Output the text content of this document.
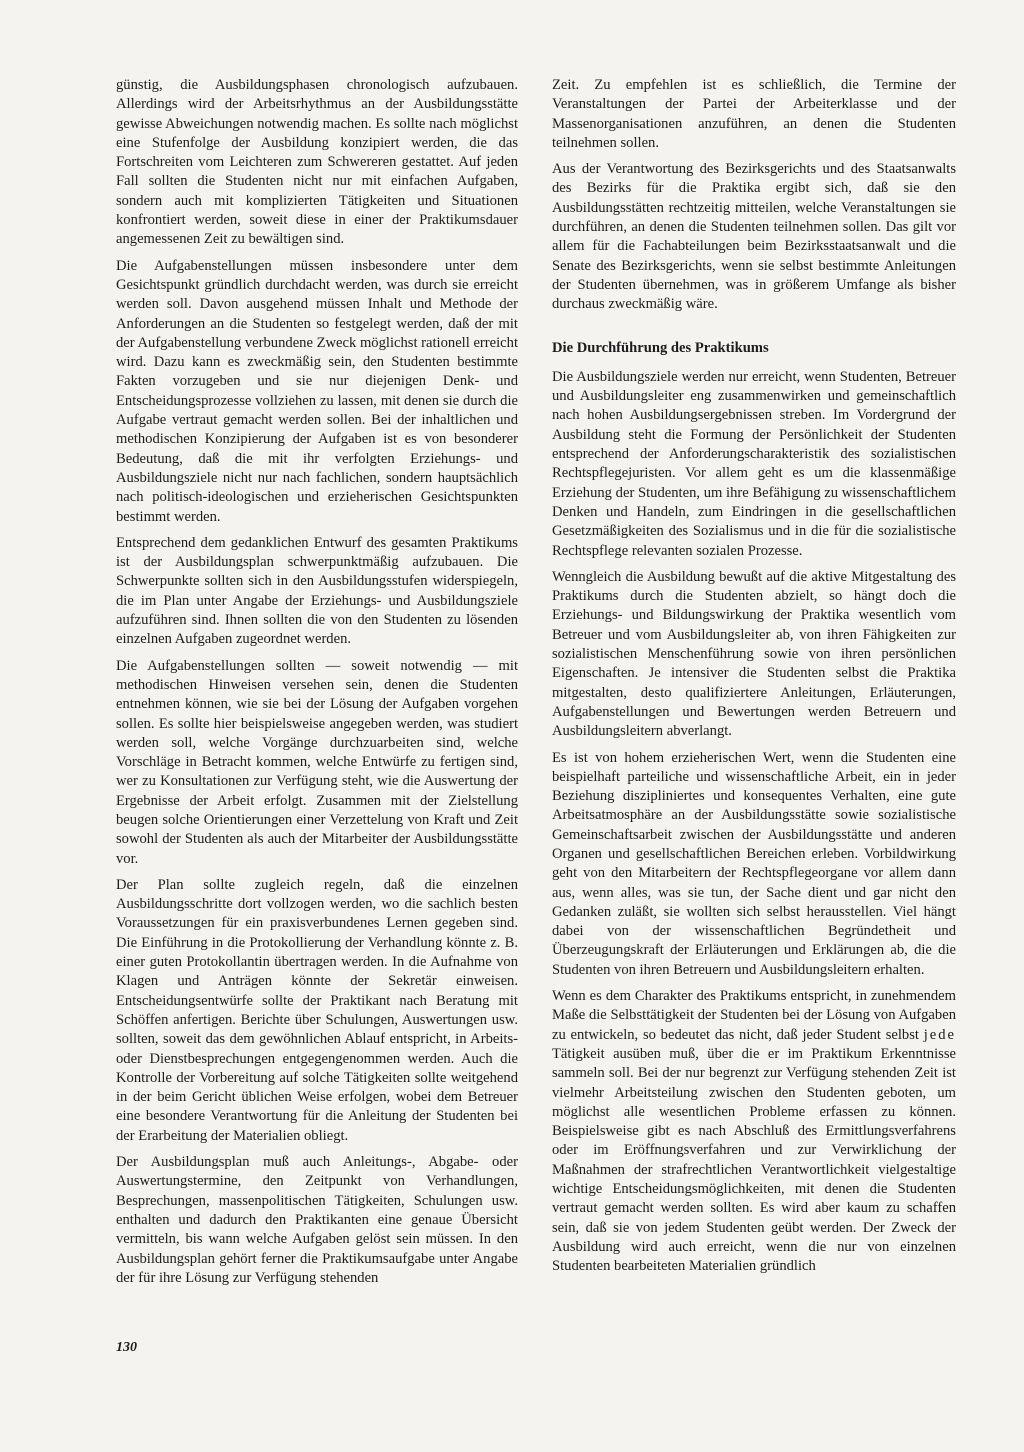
günstig, die Ausbildungsphasen chronologisch aufzubauen. Allerdings wird der Arbeitsrhythmus an der Ausbildungsstätte gewisse Abweichungen notwendig machen. Es sollte nach möglichst eine Stufenfolge der Ausbildung konzipiert werden, die das Fortschreiten vom Leichteren zum Schwereren gestattet. Auf jeden Fall sollten die Studenten nicht nur mit einfachen Aufgaben, sondern auch mit komplizierten Tätigkeiten und Situationen konfrontiert werden, soweit diese in einer der Praktikumsdauer angemessenen Zeit zu bewältigen sind.

Die Aufgabenstellungen müssen insbesondere unter dem Gesichtspunkt gründlich durchdacht werden, was durch sie erreicht werden soll. Davon ausgehend müssen Inhalt und Methode der Anforderungen an die Studenten so festgelegt werden, daß der mit der Aufgabenstellung verbundene Zweck möglichst rationell erreicht wird. Dazu kann es zweckmäßig sein, den Studenten bestimmte Fakten vorzugeben und sie nur diejenigen Denk- und Entscheidungsprozesse vollziehen zu lassen, mit denen sie durch die Aufgabe vertraut gemacht werden sollen. Bei der inhaltlichen und methodischen Konzipierung der Aufgaben ist es von besonderer Bedeutung, daß die mit ihr verfolgten Erziehungs- und Ausbildungsziele nicht nur nach fachlichen, sondern hauptsächlich nach politisch-ideologischen und erzieherischen Gesichtspunkten bestimmt werden.

Entsprechend dem gedanklichen Entwurf des gesamten Praktikums ist der Ausbildungsplan schwerpunktmäßig aufzubauen. Die Schwerpunkte sollten sich in den Ausbildungsstufen widerspiegeln, die im Plan unter Angabe der Erziehungs- und Ausbildungsziele aufzuführen sind. Ihnen sollten die von den Studenten zu lösenden einzelnen Aufgaben zugeordnet werden.

Die Aufgabenstellungen sollten — soweit notwendig — mit methodischen Hinweisen versehen sein, denen die Studenten entnehmen können, wie sie bei der Lösung der Aufgaben vorgehen sollen. Es sollte hier beispielsweise angegeben werden, was studiert werden soll, welche Vorgänge durchzuarbeiten sind, welche Vorschläge in Betracht kommen, welche Entwürfe zu fertigen sind, wer zu Konsultationen zur Verfügung steht, wie die Auswertung der Ergebnisse der Arbeit erfolgt. Zusammen mit der Zielstellung beugen solche Orientierungen einer Verzettelung von Kraft und Zeit sowohl der Studenten als auch der Mitarbeiter der Ausbildungsstätte vor.

Der Plan sollte zugleich regeln, daß die einzelnen Ausbildungsschritte dort vollzogen werden, wo die sachlich besten Voraussetzungen für ein praxisverbundenes Lernen gegeben sind. Die Einführung in die Protokollierung der Verhandlung könnte z. B. einer guten Protokollantin übertragen werden. In die Aufnahme von Klagen und Anträgen könnte der Sekretär einweisen. Entscheidungsentwürfe sollte der Praktikant nach Beratung mit Schöffen anfertigen. Berichte über Schulungen, Auswertungen usw. sollten, soweit das dem gewöhnlichen Ablauf entspricht, in Arbeits- oder Dienstbesprechungen entgegengenommen werden. Auch die Kontrolle der Vorbereitung auf solche Tätigkeiten sollte weitgehend in der beim Gericht üblichen Weise erfolgen, wobei dem Betreuer eine besondere Verantwortung für die Anleitung der Studenten bei der Erarbeitung der Materialien obliegt.

Der Ausbildungsplan muß auch Anleitungs-, Abgabe- oder Auswertungstermine, den Zeitpunkt von Verhandlungen, Besprechungen, massenpolitischen Tätigkeiten, Schulungen usw. enthalten und dadurch den Praktikanten eine genaue Übersicht vermitteln, bis wann welche Aufgaben gelöst sein müssen. In den Ausbildungsplan gehört ferner die Praktikumsaufgabe unter Angabe der für ihre Lösung zur Verfügung stehenden

Zeit. Zu empfehlen ist es schließlich, die Termine der Veranstaltungen der Partei der Arbeiterklasse und der Massenorganisationen anzuführen, an denen die Studenten teilnehmen sollen.

Aus der Verantwortung des Bezirksgerichts und des Staatsanwalts des Bezirks für die Praktika ergibt sich, daß sie den Ausbildungsstätten rechtzeitig mitteilen, welche Veranstaltungen sie durchführen, an denen die Studenten teilnehmen sollen. Das gilt vor allem für die Fachabteilungen beim Bezirksstaatsanwalt und die Senate des Bezirksgerichts, wenn sie selbst bestimmte Anleitungen der Studenten übernehmen, was in größerem Umfange als bisher durchaus zweckmäßig wäre.

Die Durchführung des Praktikums

Die Ausbildungsziele werden nur erreicht, wenn Studenten, Betreuer und Ausbildungsleiter eng zusammenwirken und gemeinschaftlich nach hohen Ausbildungsergebnissen streben. Im Vordergrund der Ausbildung steht die Formung der Persönlichkeit der Studenten entsprechend der Anforderungscharakteristik des sozialistischen Rechtspflegejuristen. Vor allem geht es um die klassenmäßige Erziehung der Studenten, um ihre Befähigung zu wissenschaftlichem Denken und Handeln, zum Eindringen in die gesellschaftlichen Gesetzmäßigkeiten des Sozialismus und in die für die sozialistische Rechtspflege relevanten sozialen Prozesse.

Wenngleich die Ausbildung bewußt auf die aktive Mitgestaltung des Praktikums durch die Studenten abzielt, so hängt doch die Erziehungs- und Bildungswirkung der Praktika wesentlich vom Betreuer und vom Ausbildungsleiter ab, von ihren Fähigkeiten zur sozialistischen Menschenführung sowie von ihren persönlichen Eigenschaften. Je intensiver die Studenten selbst die Praktika mitgestalten, desto qualifiziertere Anleitungen, Erläuterungen, Aufgabenstellungen und Bewertungen werden Betreuern und Ausbildungsleitern abverlangt.

Es ist von hohem erzieherischen Wert, wenn die Studenten eine beispielhaft parteiliche und wissenschaftliche Arbeit, ein in jeder Beziehung diszipliniertes und konsequentes Verhalten, eine gute Arbeitsatmosphäre an der Ausbildungsstätte sowie sozialistische Gemeinschaftsarbeit zwischen der Ausbildungsstätte und anderen Organen und gesellschaftlichen Bereichen erleben. Vorbildwirkung geht von den Mitarbeitern der Rechtspflegeorgane vor allem dann aus, wenn alles, was sie tun, der Sache dient und gar nicht den Gedanken zuläßt, sie wollten sich selbst herausstellen. Viel hängt dabei von der wissenschaftlichen Begründetheit und Überzeugungskraft der Erläuterungen und Erklärungen ab, die die Studenten von ihren Betreuern und Ausbildungsleitern erhalten.

Wenn es dem Charakter des Praktikums entspricht, in zunehmendem Maße die Selbsttätigkeit der Studenten bei der Lösung von Aufgaben zu entwickeln, so bedeutet das nicht, daß jeder Student selbst jede Tätigkeit ausüben muß, über die er im Praktikum Erkenntnisse sammeln soll. Bei der nur begrenzt zur Verfügung stehenden Zeit ist vielmehr Arbeitsteilung zwischen den Studenten geboten, um möglichst alle wesentlichen Probleme erfassen zu können. Beispielsweise gibt es nach Abschluß des Ermittlungsverfahrens oder im Eröffnungsverfahren und zur Verwirklichung der Maßnahmen der strafrechtlichen Verantwortlichkeit vielgestaltige wichtige Entscheidungsmöglichkeiten, mit denen die Studenten vertraut gemacht werden sollten. Es wird aber kaum zu schaffen sein, daß sie von jedem Studenten geübt werden. Der Zweck der Ausbildung wird auch erreicht, wenn die nur von einzelnen Studenten bearbeiteten Materialien gründlich

130
